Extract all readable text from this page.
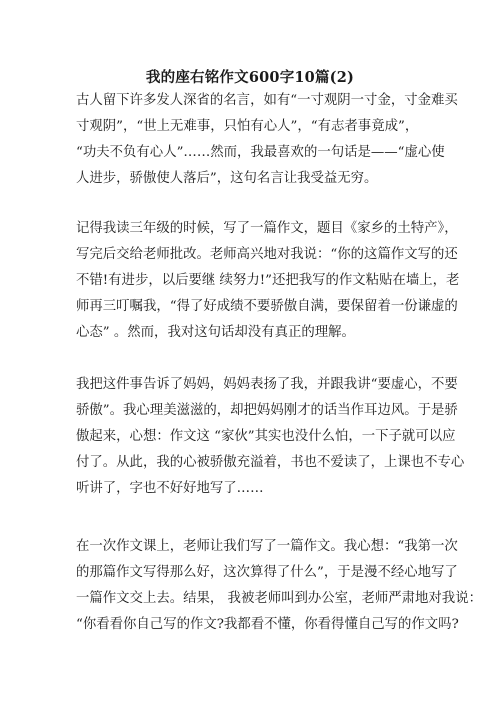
我的座右铭作文600字10篇(2)
古人留下许多发人深省的名言，如有“一寸观阴一寸金，寸金难买
寸观阴”，“世上无难事，只怕有心人”，“有志者事竟成”，
“功夫不负有心人”……然而，我最喜欢的一句话是——“虚心使
人进步，骄傲使人落后”，这句名言让我受益无穷。
记得我读三年级的时候，写了一篇作文，题目《家乡的土特产》，
写完后交给老师批改。老师高兴地对我说：“你的这篇作文写的还
不错!有进步，以后要继 续努力!”还把我写的作文粘贴在墙上，老
师再三叮嘱我，“得了好成绩不要骄傲自满，要保留着一份谦虚的
心态” 。然而，我对这句话却没有真正的理解。
我把这件事告诉了妈妈，妈妈表扬了我，并跟我讲“要虚心，不要
骄傲”。我心理美滋滋的，却把妈妈刚才的话当作耳边风。于是骄
傲起来，心想：作文这 “家伙”其实也没什么怕，一下子就可以应
付了。从此，我的心被骄傲充溢着，书也不爱读了，上课也不专心
听讲了，字也不好好地写了……
在一次作文课上，老师让我们写了一篇作文。我心想：“我第一次
的那篇作文写得那么好，这次算得了什么”，于是漫不经心地写了
一篇作文交上去。结果， 我被老师叫到办公室，老师严肃地对我说：
“你看看你自己写的作文?我都看不懂，你看得懂自己写的作文吗?
